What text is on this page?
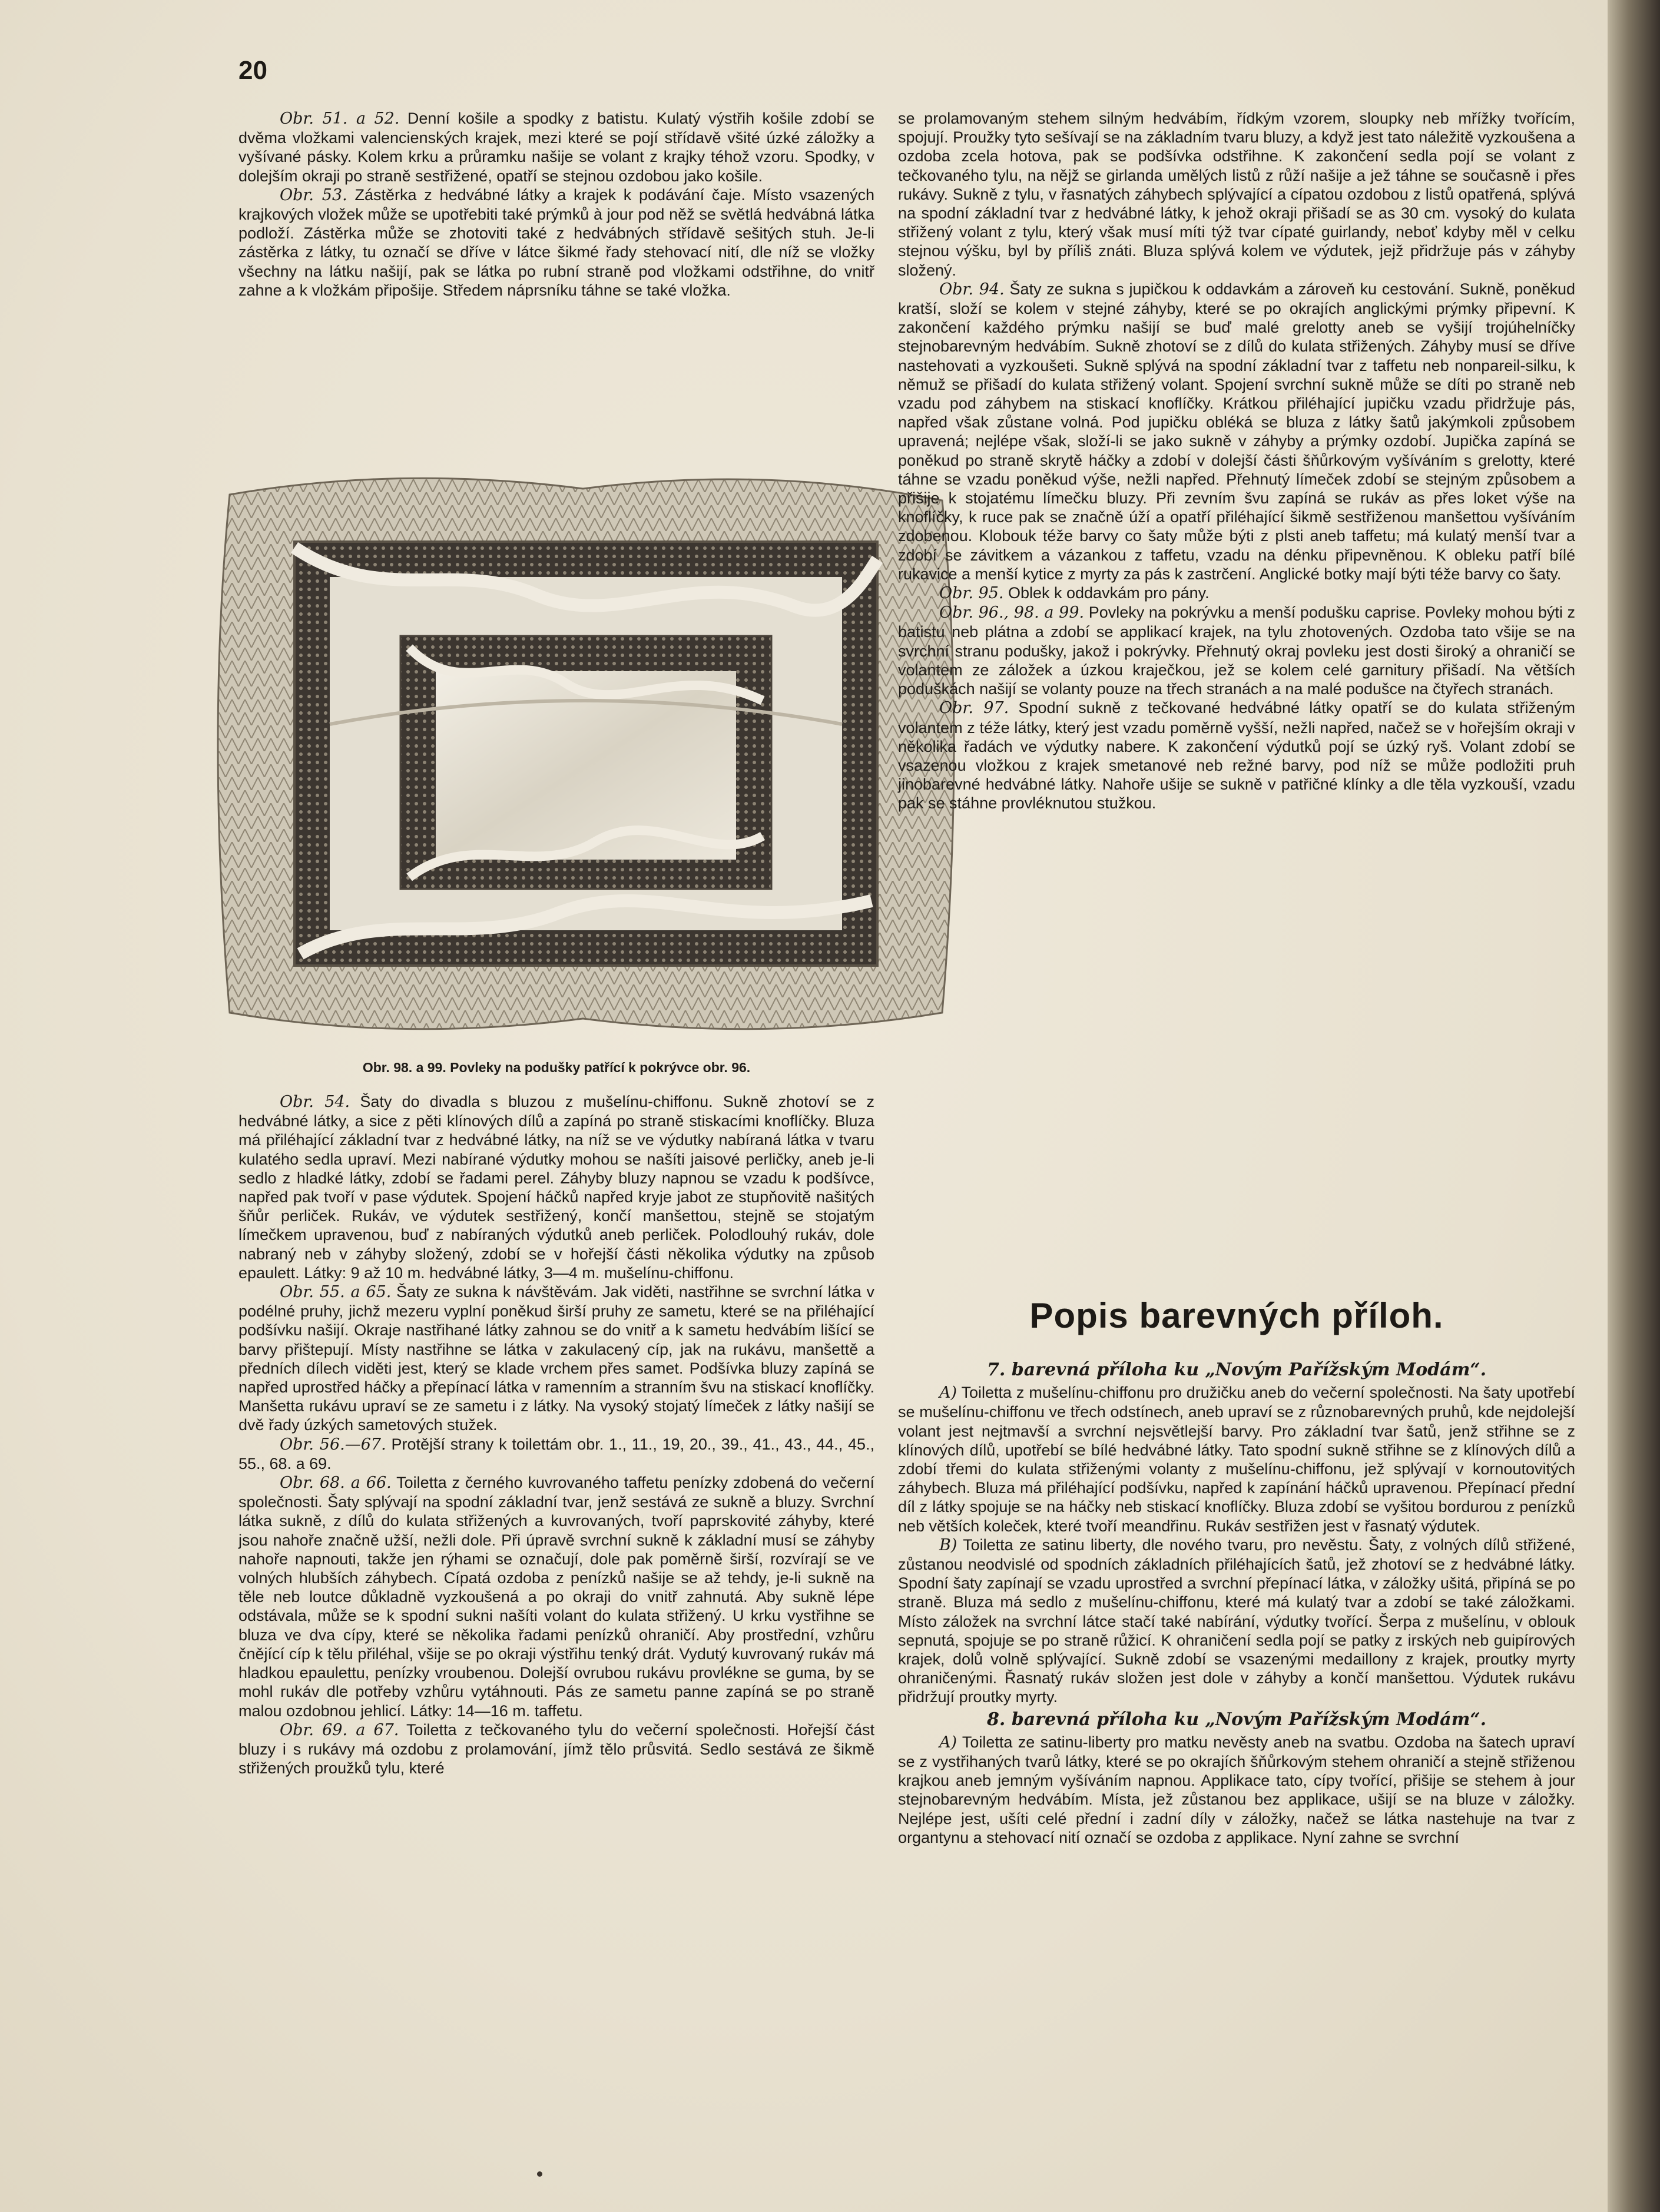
20

Obr. 51. a 52. Denní košile a spodky z batistu. Kulatý výstřih košile zdobí se dvěma vložkami valencienských krajek, mezi které se pojí střídavě všité úzké záložky a vyšívané pásky. Kolem krku a průramku našije se volant z krajky téhož vzoru. Spodky, v dolejším okraji po straně sestřižené, opatří se stejnou ozdobou jako košile.

Obr. 53. Zástěrka z hedvábné látky a krajek k podávání čaje. Místo vsazených krajkových vložek může se upotřebiti také prýmků à jour pod něž se světlá hedvábná látka podloží. Zástěrka může se zhotoviti také z hedvábných střídavě sešitých stuh. Je-li zástěrka z látky, tu označí se dříve v látce šikmé řady stehovací nití, dle níž se vložky všechny na látku našijí, pak se látka po rubní straně pod vložkami odstřihne, do vnitř zahne a k vložkám připošije. Středem náprsníku táhne se také vložka.

Obr. 98. a 99. Povleky na podušky patřící k pokrývce obr. 96.

Obr. 54. Šaty do divadla s bluzou z mušelínu-chiffonu. Sukně zhotoví se z hedvábné látky, a sice z pěti klínových dílů a zapíná po straně stiskacími knoflíčky. Bluza má přiléhající základní tvar z hedvábné látky, na níž se ve výdutky nabíraná látka v tvaru kulatého sedla upraví. Mezi nabírané výdutky mohou se našíti jaisové perličky, aneb je-li sedlo z hladké látky, zdobí se řadami perel. Záhyby bluzy napnou se vzadu k podšívce, napřed pak tvoří v pase výdutek. Spojení háčků napřed kryje jabot ze stupňovitě našitých šňůr perliček. Rukáv, ve výdutek sestřižený, končí manšettou, stejně se stojatým límečkem upravenou, buď z nabíraných výdutků aneb perliček. Polodlouhý rukáv, dole nabraný neb v záhyby složený, zdobí se v hořejší části několika výdutky na způsob epaulett. Látky: 9 až 10 m. hedvábné látky, 3—4 m. mušelínu-chiffonu.

Obr. 55. a 65. Šaty ze sukna k návštěvám. Jak viděti, nastřihne se svrchní látka v podélné pruhy, jichž mezeru vyplní poněkud širší pruhy ze sametu, které se na přiléhající podšívku našijí. Okraje nastřihané látky zahnou se do vnitř a k sametu hedvábím lišící se barvy přištepují. Místy nastřihne se látka v zakulacený cíp, jak na rukávu, manšettě a předních dílech viděti jest, který se klade vrchem přes samet. Podšívka bluzy zapíná se napřed uprostřed háčky a přepínací látka v ramenním a stranním švu na stiskací knoflíčky. Manšetta rukávu upraví se ze sametu i z látky. Na vysoký stojatý límeček z látky našijí se dvě řady úzkých sametových stužek.

Obr. 56.—67. Protější strany k toilettám obr. 1., 11., 19, 20., 39., 41., 43., 44., 45., 55., 68. a 69.

Obr. 68. a 66. Toiletta z černého kuvrovaného taffetu penízky zdobená do večerní společnosti. Šaty splývají na spodní základní tvar, jenž sestává ze sukně a bluzy. Svrchní látka sukně, z dílů do kulata střižených a kuvrovaných, tvoří paprskovité záhyby, které jsou nahoře značně užší, nežli dole. Při úpravě svrchní sukně k základní musí se záhyby nahoře napnouti, takže jen rýhami se označují, dole pak poměrně širší, rozvírají se ve volných hlubších záhybech. Cípatá ozdoba z penízků našije se až tehdy, je-li sukně na těle neb loutce důkladně vyzkoušená a po okraji do vnitř zahnutá. Aby sukně lépe odstávala, může se k spodní sukni našíti volant do kulata střižený. U krku vystřihne se bluza ve dva cípy, které se několika řadami penízků ohraničí. Aby prostřední, vzhůru čnějící cíp k tělu přiléhal, všije se po okraji výstřihu tenký drát. Vydutý kuvrovaný rukáv má hladkou epaulettu, penízky vroubenou. Dolejší ovrubou rukávu provlékne se guma, by se mohl rukáv dle potřeby vzhůru vytáhnouti. Pás ze sametu panne zapíná se po straně malou ozdobnou jehlicí. Látky: 14—16 m. taffetu.

Obr. 69. a 67. Toiletta z tečkovaného tylu do večerní společnosti. Hořejší část bluzy i s rukávy má ozdobu z prolamování, jímž tělo průsvitá. Sedlo sestává ze šikmě střižených proužků tylu, které

se prolamovaným stehem silným hedvábím, řídkým vzorem, sloupky neb mřížky tvořícím, spojují. Proužky tyto sešívají se na základním tvaru bluzy, a když jest tato náležitě vyzkoušena a ozdoba zcela hotova, pak se podšívka odstřihne. K zakončení sedla pojí se volant z tečkovaného tylu, na nějž se girlanda umělých listů z růží našije a jež táhne se současně i přes rukávy. Sukně z tylu, v řasnatých záhybech splývající a cípatou ozdobou z listů opatřená, splývá na spodní základní tvar z hedvábné látky, k jehož okraji přišadí se as 30 cm. vysoký do kulata střižený volant z tylu, který však musí míti týž tvar cípaté guirlandy, neboť kdyby měl v celku stejnou výšku, byl by příliš znáti. Bluza splývá kolem ve výdutek, jejž přidržuje pás v záhyby složený.

Obr. 94. Šaty ze sukna s jupičkou k oddavkám a zároveň ku cestování. Sukně, poněkud kratší, složí se kolem v stejné záhyby, které se po okrajích anglickými prýmky připevní. K zakončení každého prýmku našijí se buď malé grelotty aneb se vyšijí trojúhelníčky stejnobarevným hedvábím. Sukně zhotoví se z dílů do kulata střižených. Záhyby musí se dříve nastehovati a vyzkoušeti. Sukně splývá na spodní základní tvar z taffetu neb nonpareil-silku, k němuž se přišadí do kulata střižený volant. Spojení svrchní sukně může se díti po straně neb vzadu pod záhybem na stiskací knoflíčky. Krátkou přiléhající jupičku vzadu přidržuje pás, napřed však zůstane volná. Pod jupičku obléká se bluza z látky šatů jakýmkoli způsobem upravená; nejlépe však, složí-li se jako sukně v záhyby a prýmky ozdobí. Jupička zapíná se poněkud po straně skrytě háčky a zdobí v dolejší části šňůrkovým vyšíváním s grelotty, které táhne se vzadu poněkud výše, nežli napřed. Přehnutý límeček zdobí se stejným způsobem a přišije k stojatému límečku bluzy. Při zevním švu zapíná se rukáv as přes loket výše na knoflíčky, k ruce pak se značně úží a opatří přiléhající šikmě sestřiženou manšettou vyšíváním zdobenou. Klobouk téže barvy co šaty může býti z plsti aneb taffetu; má kulatý menší tvar a zdobí se závitkem a vázankou z taffetu, vzadu na dénku připevněnou. K obleku patří bílé rukavice a menší kytice z myrty za pás k zastrčení. Anglické botky mají býti téže barvy co šaty.

Obr. 95. Oblek k oddavkám pro pány.

Obr. 96., 98. a 99. Povleky na pokrývku a menší podušku caprise. Povleky mohou býti z batistu neb plátna a zdobí se applikací krajek, na tylu zhotovených. Ozdoba tato všije se na svrchní stranu podušky, jakož i pokrývky. Přehnutý okraj povleku jest dosti široký a ohraničí se volantem ze záložek a úzkou kraječkou, jež se kolem celé garnitury přišadí. Na větších poduškách našijí se volanty pouze na třech stranách a na malé podušce na čtyřech stranách.

Obr. 97. Spodní sukně z tečkované hedvábné látky opatří se do kulata střiženým volantem z téže látky, který jest vzadu poměrně vyšší, nežli napřed, načež se v hořejším okraji v několika řadách ve výdutky nabere. K zakončení výdutků pojí se úzký ryš. Volant zdobí se vsazenou vložkou z krajek smetanové neb režné barvy, pod níž se může podložiti pruh jinobarevné hedvábné látky. Nahoře ušije se sukně v patřičné klínky a dle těla vyzkouší, vzadu pak se stáhne provléknutou stužkou.

Popis barevných příloh.

7. barevná příloha ku „Novým Pařížským Modám“.

A) Toiletta z mušelínu-chiffonu pro družičku aneb do večerní společnosti. Na šaty upotřebí se mušelínu-chiffonu ve třech odstínech, aneb upraví se z různobarevných pruhů, kde nejdolejší volant jest nejtmavší a svrchní nejsvětlejší barvy. Pro základní tvar šatů, jenž střihne se z klínových dílů, upotřebí se bílé hedvábné látky. Tato spodní sukně střihne se z klínových dílů a zdobí třemi do kulata střiženými volanty z mušelínu-chiffonu, jež splývají v kornoutovitých záhybech. Bluza má přiléhající podšívku, napřed k zapínání háčků upravenou. Přepínací přední díl z látky spojuje se na háčky neb stiskací knoflíčky. Bluza zdobí se vyšitou bordurou z penízků neb větších koleček, které tvoří meandřinu. Rukáv sestřižen jest v řasnatý výdutek.

B) Toiletta ze satinu liberty, dle nového tvaru, pro nevěstu. Šaty, z volných dílů střižené, zůstanou neodvislé od spodních základních přiléhajících šatů, jež zhotoví se z hedvábné látky. Spodní šaty zapínají se vzadu uprostřed a svrchní přepínací látka, v záložky ušitá, připíná se po straně. Bluza má sedlo z mušelínu-chiffonu, které má kulatý tvar a zdobí se také záložkami. Místo záložek na svrchní látce stačí také nabírání, výdutky tvořící. Šerpa z mušelínu, v oblouk sepnutá, spojuje se po straně růžicí. K ohraničení sedla pojí se patky z irských neb guipírových krajek, dolů volně splývající. Sukně zdobí se vsazenými medaillony z krajek, proutky myrty ohraničenými. Řasnatý rukáv složen jest dole v záhyby a končí manšettou. Výdutek rukávu přidržují proutky myrty.

8. barevná příloha ku „Novým Pařížským Modám“.

A) Toiletta ze satinu-liberty pro matku nevěsty aneb na svatbu. Ozdoba na šatech upraví se z vystřihaných tvarů látky, které se po okrajích šňůrkovým stehem ohraničí a stejně střiženou krajkou aneb jemným vyšíváním napnou. Applikace tato, cípy tvořící, přišije se stehem à jour stejnobarevným hedvábím. Místa, jež zůstanou bez applikace, ušijí se na bluze v záložky. Nejlépe jest, ušíti celé přední i zadní díly v záložky, načež se látka nastehuje na tvar z organtynu a stehovací nití označí se ozdoba z applikace. Nyní zahne se svrchní
